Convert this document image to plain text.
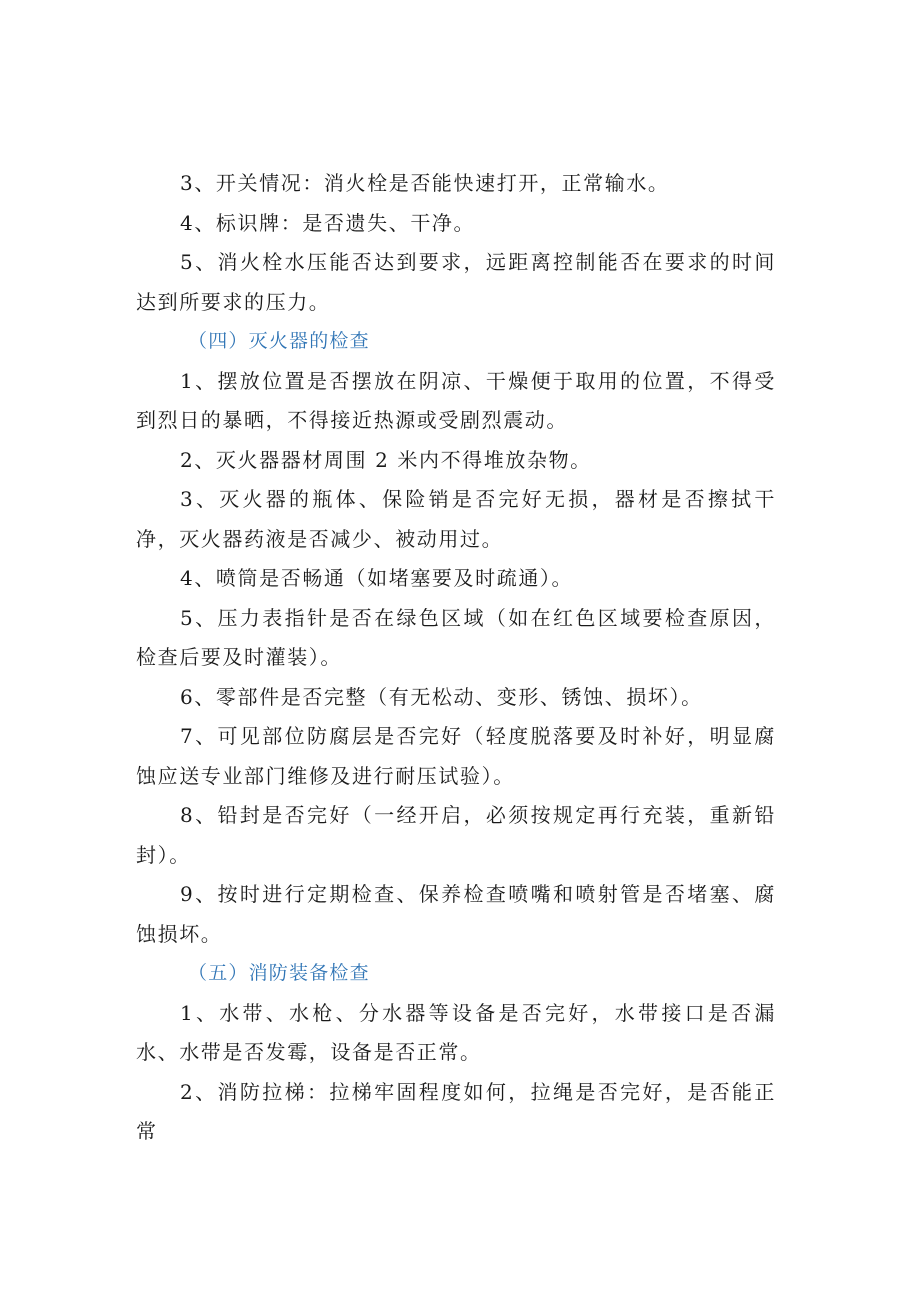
3、开关情况：消火栓是否能快速打开，正常输水。

4、标识牌：是否遗失、干净。

5、消火栓水压能否达到要求，远距离控制能否在要求的时间达到所要求的压力。

（四）灭火器的检查

1、摆放位置是否摆放在阴凉、干燥便于取用的位置，不得受到烈日的暴晒，不得接近热源或受剧烈震动。

2、灭火器器材周围 2 米内不得堆放杂物。

3、灭火器的瓶体、保险销是否完好无损，器材是否擦拭干净，灭火器药液是否减少、被动用过。

4、喷筒是否畅通（如堵塞要及时疏通）。

5、压力表指针是否在绿色区域（如在红色区域要检查原因，检查后要及时灌装）。

6、零部件是否完整（有无松动、变形、锈蚀、损坏）。

7、可见部位防腐层是否完好（轻度脱落要及时补好，明显腐蚀应送专业部门维修及进行耐压试验）。

8、铅封是否完好（一经开启，必须按规定再行充装，重新铅封）。

9、按时进行定期检查、保养检查喷嘴和喷射管是否堵塞、腐蚀损坏。

（五）消防装备检查

1、水带、水枪、分水器等设备是否完好，水带接口是否漏水、水带是否发霉，设备是否正常。

2、消防拉梯：拉梯牢固程度如何，拉绳是否完好，是否能正常
